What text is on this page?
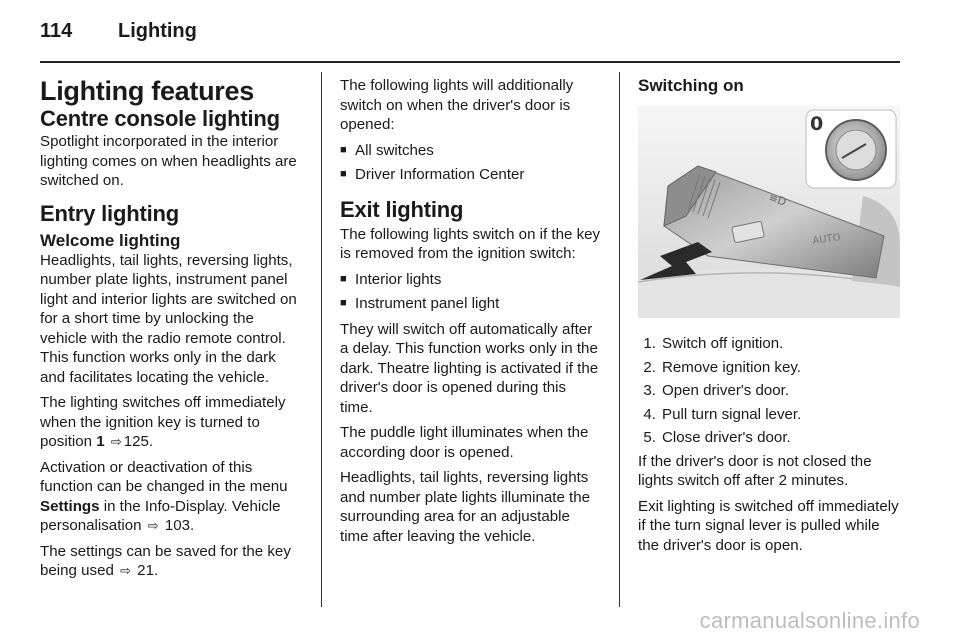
114	Lighting
Lighting features
Centre console lighting

Spotlight incorporated in the interior lighting comes on when headlights are switched on.

Entry lighting
Welcome lighting

Headlights, tail lights, reversing lights, number plate lights, instrument panel light and interior lights are switched on for a short time by unlocking the vehicle with the radio remote control. This function works only in the dark and facilitates locating the vehicle.

The lighting switches off immediately when the ignition key is turned to position 1 ⇨ 125.

Activation or deactivation of this function can be changed in the menu Settings in the Info-Display. Vehicle personalisation ⇨ 103.

The settings can be saved for the key being used ⇨ 21.

The following lights will additionally switch on when the driver's door is opened:

■ All switches
■ Driver Information Center
Exit lighting

The following lights switch on if the key is removed from the ignition switch:

■ Interior lights
■ Instrument panel light

They will switch off automatically after a delay. This function works only in the dark. Theatre lighting is activated if the driver's door is opened during this time.

The puddle light illuminates when the according door is opened.

Headlights, tail lights, reversing lights and number plate lights illuminate the surrounding area for an adjustable time after leaving the vehicle.

Switching on
≡D
AUTO
0
1 . Switch off ignition.
2 . Remove ignition key.
3 . Open driver's door.
4 . Pull turn signal lever.
5 . Close driver's door.

If the driver's door is not closed the lights switch off after 2 minutes.

Exit lighting is switched off immediately if the turn signal lever is pulled while the driver's door is open.

carmanualsonline.info
